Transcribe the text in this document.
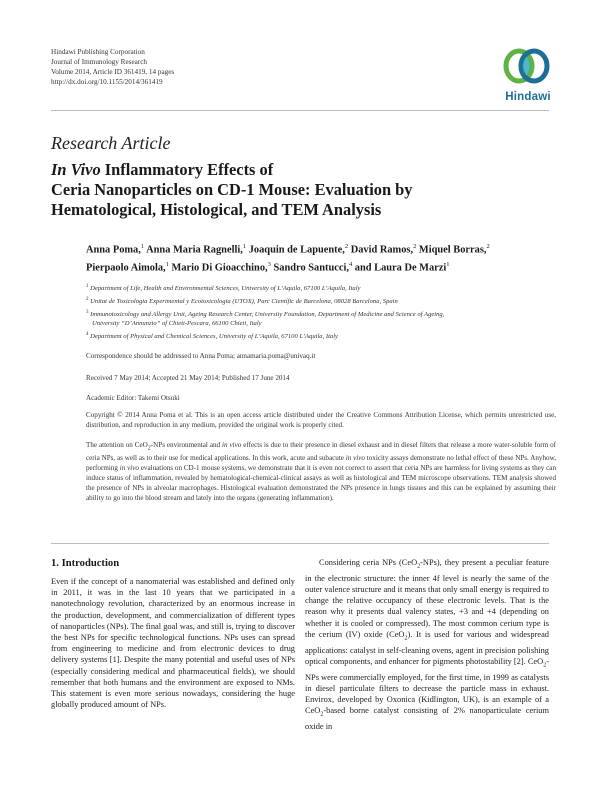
Hindawi Publishing Corporation
Journal of Immunology Research
Volume 2014, Article ID 361419, 14 pages
http://dx.doi.org/10.1155/2014/361419
Hindawi
Research Article
In Vivo Inflammatory Effects of
Ceria Nanoparticles on CD-1 Mouse: Evaluation by
Hematological, Histological, and TEM Analysis
Anna Poma,$^1$ Anna Maria Ragnelli,$^1$ Joaquin de Lapuente,$^2$ David Ramos,$^2$ Miquel Borras,$^2$
Pierpaolo Aimola,$^1$ Mario Di Gioacchino,$^3$ Sandro Santucci,$^4$ and Laura De Marzi$^1$

$^1$ Department of Life, Health and Environmental Sciences, University of L’Aquila, 67100 L’Aquila, Italy

$^2$ Unitat de Toxicologia Experimental y Ecotoxicologia (UTOX), Parc Científic de Barcelona, 08028 Barcelona, Spain

$^3$ Immunotoxicology and Allergy Unit, Ageing Research Center, University Foundation, Department of Medicine and Science of Ageing,
University “D’Annunzio” of Chieti-Pescara, 66100 Chieti, Italy

$^4$ Department of Physical and Chemical Sciences, University of L’Aquila, 67100 L’Aquila, Italy

Correspondence should be addressed to Anna Poma; annamaria.poma@univaq.it
Received 7 May 2014; Accepted 21 May 2014; Published 17 June 2014
Academic Editor: Takemi Otsuki
Copyright © 2014 Anna Poma et al. This is an open access article distributed under the Creative Commons Attribution License, which permits unrestricted use, distribution, and reproduction in any medium, provided the original work is properly cited.
The attention on CeO$_2$-NPs environmental and in vivo effects is due to their presence in diesel exhaust and in diesel filters that release a more water-soluble form of ceria NPs, as well as to their use for medical applications. In this work, acute and subacute in vivo toxicity assays demonstrate no lethal effect of these NPs. Anyhow, performing in vivo evaluations on CD-1 mouse systems, we demonstrate that it is even not correct to assert that ceria NPs are harmless for living systems as they can induce status of inflammation, revealed by hematological-chemical-clinical assays as well as histological and TEM microscope observations. TEM analysis showed the presence of NPs in alveolar macrophages. Histological evaluation demonstrated the NPs presence in lungs tissues and this can be explained by assuming their ability to go into the blood stream and lately into the organs (generating inflammation).
1. Introduction

Even if the concept of a nanomaterial was established and defined only in 2011, it was in the last 10 years that we participated in a nanotechnology revolution, characterized by an enormous increase in the production, development, and commercialization of different types of nanoparticles (NPs). The final goal was, and still is, trying to discover the best NPs for specific technological functions. NPs uses can spread from engineering to medicine and from electronic devices to drug delivery systems [1]. Despite the many potential and useful uses of NPs (especially considering medical and pharmaceutical fields), we should remember that both humans and the environment are exposed to NMs. This statement is even more serious nowadays, considering the huge globally produced amount of NPs.

Considering ceria NPs (CeO$_2$-NPs), they present a peculiar feature in the electronic structure: the inner 4f level is nearly the same of the outer valence structure and it means that only small energy is required to change the relative occupancy of these electronic levels. That is the reason why it presents dual valency states, +3 and +4 (depending on whether it is cooled or compressed). The most common cerium type is the cerium (IV) oxide (CeO$_2$). It is used for various and widespread applications: catalyst in self-cleaning ovens, agent in precision polishing optical components, and enhancer for pigments photostability [2]. CeO$_2$-NPs were commercially employed, for the first time, in 1999 as catalysts in diesel particulate filters to decrease the particle mass in exhaust. Envirox, developed by Oxonica (Kidlington, UK), is an example of a CeO$_2$-based borne catalyst consisting of 2% nanoparticulate cerium oxide in
